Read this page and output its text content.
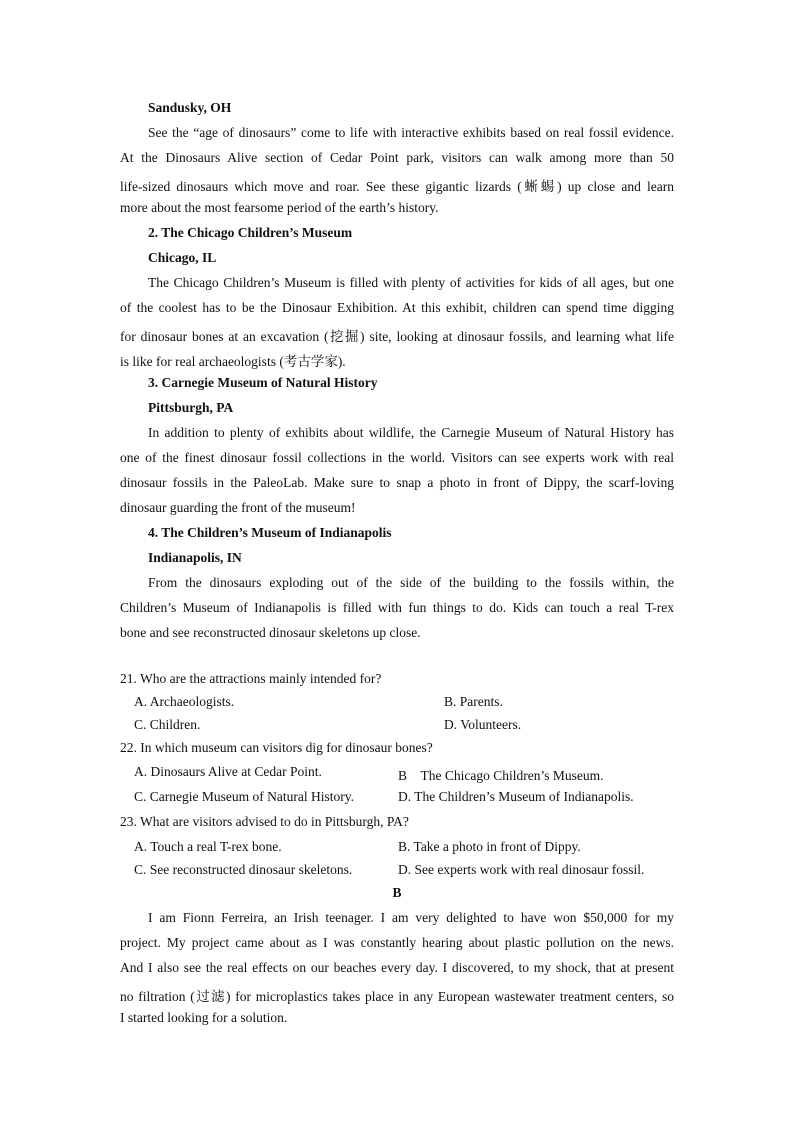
Sandusky, OH
See the “age of dinosaurs” come to life with interactive exhibits based on real fossil evidence.
At the Dinosaurs Alive section of Cedar Point park, visitors can walk among more than 50
life-sized dinosaurs which move and roar. See these gigantic lizards (蜥蜴) up close and learn
more about the most fearsome period of the earth’s history.
2. The Chicago Children’s Museum
Chicago, IL
The Chicago Children’s Museum is filled with plenty of activities for kids of all ages, but one
of the coolest has to be the Dinosaur Exhibition. At this exhibit, children can spend time digging
for dinosaur bones at an excavation (挖掘) site, looking at dinosaur fossils, and learning what life
is like for real archaeologists (考古学家).
3. Carnegie Museum of Natural History
Pittsburgh, PA
In addition to plenty of exhibits about wildlife, the Carnegie Museum of Natural History has
one of the finest dinosaur fossil collections in the world. Visitors can see experts work with real
dinosaur fossils in the PaleoLab. Make sure to snap a photo in front of Dippy, the scarf-loving
dinosaur guarding the front of the museum!
4. The Children’s Museum of Indianapolis
Indianapolis, IN
From the dinosaurs exploding out of the side of the building to the fossils within, the
Children’s Museum of Indianapolis is filled with fun things to do. Kids can touch a real T-rex
bone and see reconstructed dinosaur skeletons up close.
21. Who are the attractions mainly intended for?
A. Archaeologists.	B. Parents.
C. Children.	D. Volunteers.
22. In which museum can visitors dig for dinosaur bones?
A. Dinosaurs Alive at Cedar Point.	B　The Chicago Children’s Museum.
C. Carnegie Museum of Natural History.	D. The Children’s Museum of Indianapolis.
23. What are visitors advised to do in Pittsburgh, PA?
A. Touch a real T-rex bone.	B. Take a photo in front of Dippy.
C. See reconstructed dinosaur skeletons.	D. See experts work with real dinosaur fossil.
B
I am Fionn Ferreira, an Irish teenager. I am very delighted to have won $50,000 for my
project. My project came about as I was constantly hearing about plastic pollution on the news.
And I also see the real effects on our beaches every day. I discovered, to my shock, that at present
no filtration (过滤) for microplastics takes place in any European wastewater treatment centers, so
I started looking for a solution.
